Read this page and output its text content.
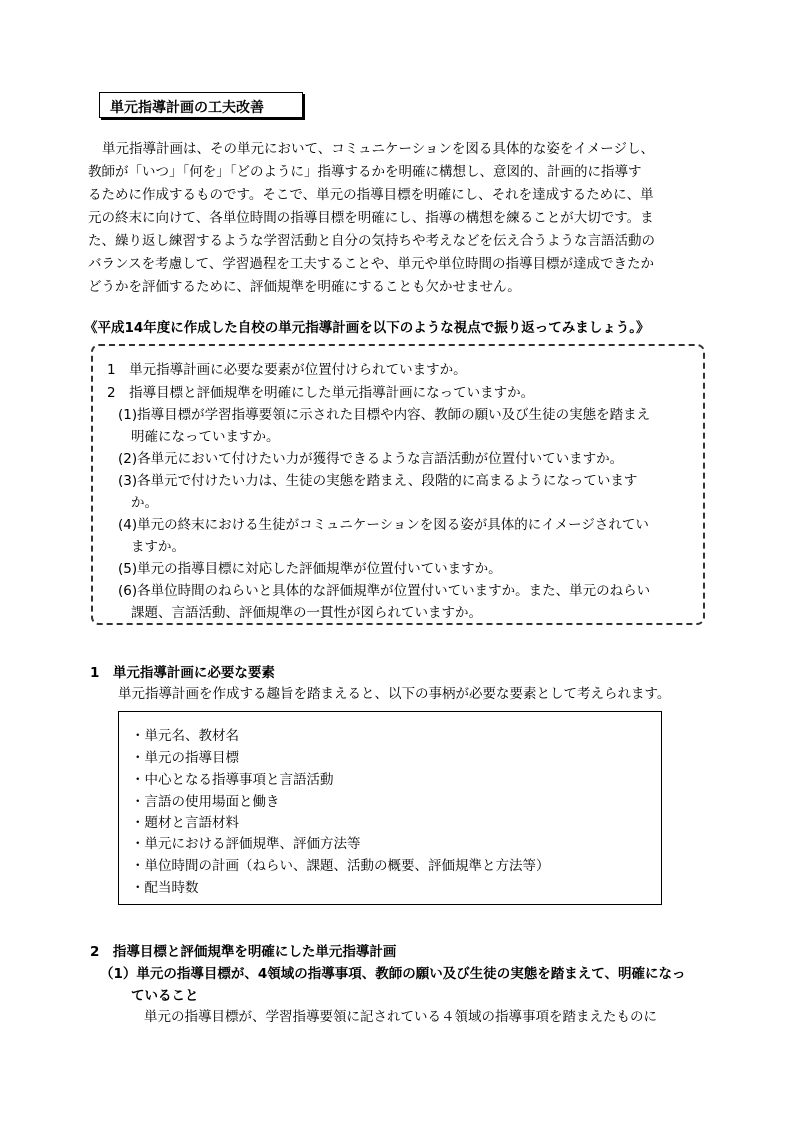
単元指導計画の工夫改善

単元指導計画は、その単元において、コミュニケーションを図る具体的な姿をイメージし、

教師が「いつ」「何を」「どのように」指導するかを明確に構想し、意図的、計画的に指導す

るために作成するものです。そこで、単元の指導目標を明確にし、それを達成するために、単

元の終末に向けて、各単位時間の指導目標を明確にし、指導の構想を練ることが大切です。ま

た、繰り返し練習するような学習活動と自分の気持ちや考えなどを伝え合うような言語活動の

バランスを考慮して、学習過程を工夫することや、単元や単位時間の指導目標が達成できたか

どうかを評価するために、評価規準を明確にすることも欠かせません。

《平成14年度に作成した自校の単元指導計画を以下のような視点で振り返ってみましょう。》
1　単元指導計画に必要な要素が位置付けられていますか。
2　指導目標と評価規準を明確にした単元指導計画になっていますか。
(1)指導目標が学習指導要領に示された目標や内容、教師の願い及び生徒の実態を踏まえ
明確になっていますか。
(2)各単元において付けたい力が獲得できるような言語活動が位置付いていますか。
(3)各単元で付けたい力は、生徒の実態を踏まえ、段階的に高まるようになっています
か。
(4)単元の終末における生徒がコミュニケーションを図る姿が具体的にイメージされてい
ますか。
(5)単元の指導目標に対応した評価規準が位置付いていますか。
(6)各単位時間のねらいと具体的な評価規準が位置付いていますか。また、単元のねらい
課題、言語活動、評価規準の一貫性が図られていますか。
1　単元指導計画に必要な要素
単元指導計画を作成する趣旨を踏まえると、以下の事柄が必要な要素として考えられます。
・単元名、教材名
・単元の指導目標
・中心となる指導事項と言語活動
・言語の使用場面と働き
・題材と言語材料
・単元における評価規準、評価方法等
・単位時間の計画（ねらい、課題、活動の概要、評価規準と方法等）
・配当時数
2　指導目標と評価規準を明確にした単元指導計画
（1）単元の指導目標が、4領域の指導事項、教師の願い及び生徒の実態を踏まえて、明確になっ
ていること
単元の指導目標が、学習指導要領に記されている４領域の指導事項を踏まえたものに
